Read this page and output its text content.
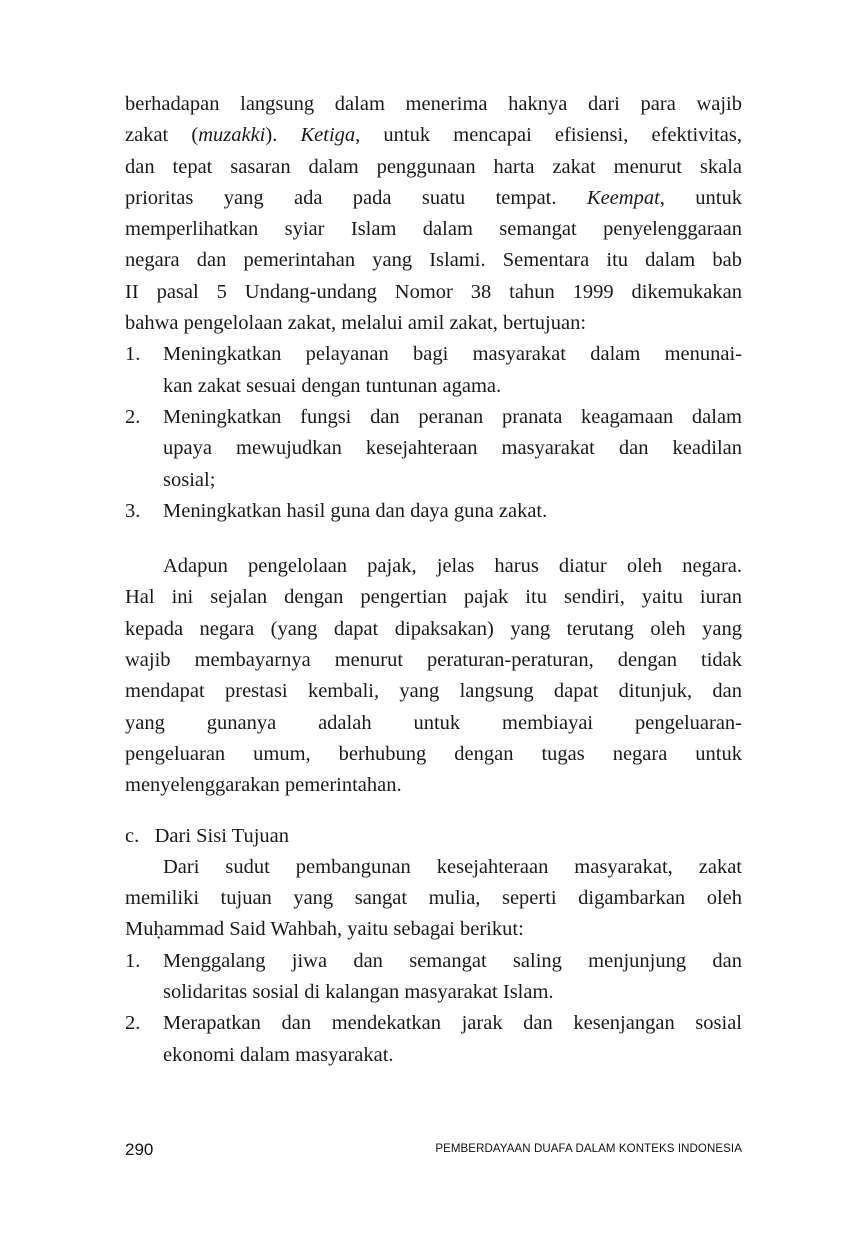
berhadapan langsung dalam menerima haknya dari para wajib
zakat (muzakki). Ketiga, untuk mencapai efisiensi, efektivitas,
dan tepat sasaran dalam penggunaan harta zakat menurut skala
prioritas yang ada pada suatu tempat. Keempat, untuk
memperlihatkan syiar Islam dalam semangat penyelenggaraan
negara dan pemerintahan yang Islami. Sementara itu dalam bab
II pasal 5 Undang-undang Nomor 38 tahun 1999 dikemukakan
bahwa pengelolaan zakat, melalui amil zakat, bertujuan:
1. Meningkatkan pelayanan bagi masyarakat dalam menunai-
kan zakat sesuai dengan tuntunan agama.
2. Meningkatkan fungsi dan peranan pranata keagamaan dalam
upaya mewujudkan kesejahteraan masyarakat dan keadilan
sosial;
3. Meningkatkan hasil guna dan daya guna zakat.
Adapun pengelolaan pajak, jelas harus diatur oleh negara.
Hal ini sejalan dengan pengertian pajak itu sendiri, yaitu iuran
kepada negara (yang dapat dipaksakan) yang terutang oleh yang
wajib membayarnya menurut peraturan-peraturan, dengan tidak
mendapat prestasi kembali, yang langsung dapat ditunjuk, dan
yang gunanya adalah untuk membiayai pengeluaran-
pengeluaran umum, berhubung dengan tugas negara untuk
menyelenggarakan pemerintahan.
c.   Dari Sisi Tujuan
Dari sudut pembangunan kesejahteraan masyarakat, zakat
memiliki tujuan yang sangat mulia, seperti digambarkan oleh
Muḥammad Said Wahbah, yaitu sebagai berikut:
1. Menggalang jiwa dan semangat saling menjunjung dan
solidaritas sosial di kalangan masyarakat Islam.
2. Merapatkan dan mendekatkan jarak dan kesenjangan sosial
ekonomi dalam masyarakat.
290	PEMBERDAYAAN DUAFA DALAM KONTEKS INDONESIA
